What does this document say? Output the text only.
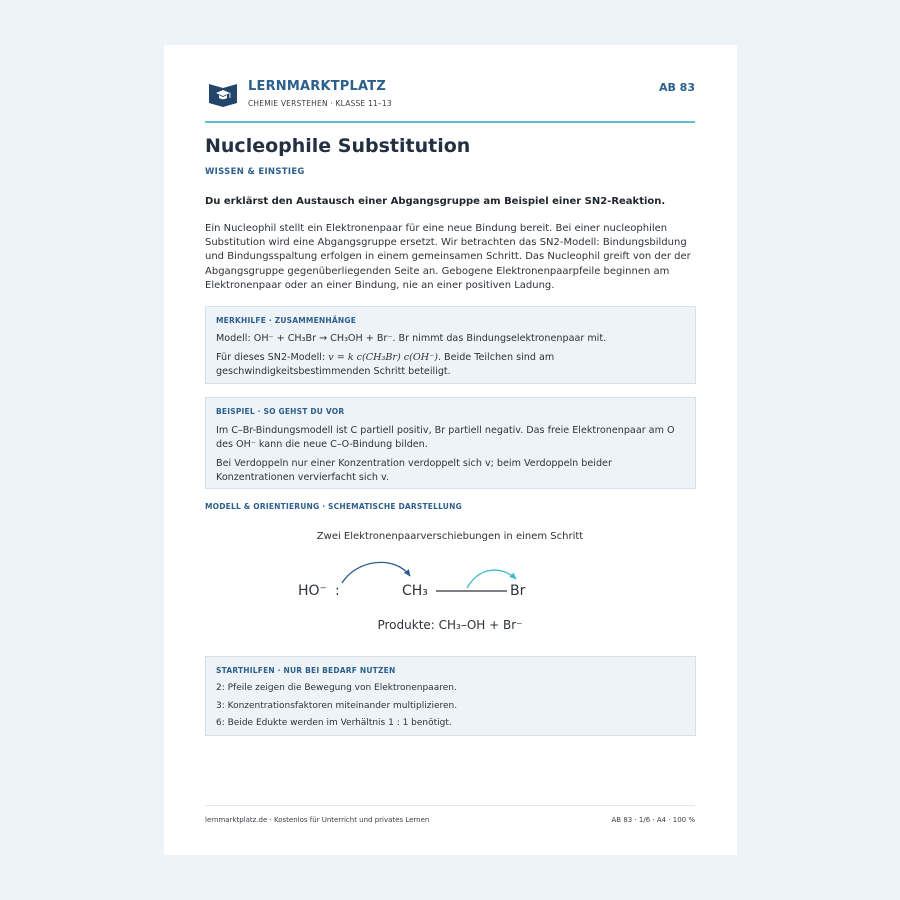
LERNMARKTPLATZ
CHEMIE VERSTEHEN · KLASSE 11–13
AB 83
Nucleophile Substitution
WISSEN & EINSTIEG
Du erklärst den Austausch einer Abgangsgruppe am Beispiel einer SN2-Reaktion.
Ein Nucleophil stellt ein Elektronenpaar für eine neue Bindung bereit. Bei einer nucleophilen
Substitution wird eine Abgangsgruppe ersetzt. Wir betrachten das SN2-Modell: Bindungsbildung
und Bindungsspaltung erfolgen in einem gemeinsamen Schritt. Das Nucleophil greift von der der
Abgangsgruppe gegenüberliegenden Seite an. Gebogene Elektronenpaarpfeile beginnen am
Elektronenpaar oder an einer Bindung, nie an einer positiven Ladung.
MERKHILFE · ZUSAMMENHÄNGE
Modell: OH⁻ + CH₃Br → CH₃OH + Br⁻. Br nimmt das Bindungselektronenpaar mit.
Für dieses SN2-Modell: v = k c(CH₃Br) c(OH⁻). Beide Teilchen sind am
geschwindigkeitsbestimmenden Schritt beteiligt.
BEISPIEL · SO GEHST DU VOR
Im C–Br-Bindungsmodell ist C partiell positiv, Br partiell negativ. Das freie Elektronenpaar am O
des OH⁻ kann die neue C–O-Bindung bilden.
Bei Verdoppeln nur einer Konzentration verdoppelt sich v; beim Verdoppeln beider
Konzentrationen vervierfacht sich v.
MODELL & ORIENTIERUNG · SCHEMATISCHE DARSTELLUNG
Zwei Elektronenpaarverschiebungen in einem Schritt
HO⁻ :	CH₃	Br
Produkte: CH₃–OH + Br⁻
STARTHILFEN · NUR BEI BEDARF NUTZEN
2: Pfeile zeigen die Bewegung von Elektronenpaaren.
3: Konzentrationsfaktoren miteinander multiplizieren.
6: Beide Edukte werden im Verhältnis 1 : 1 benötigt.
lernmarktplatz.de · Kostenlos für Unterricht und privates Lernen	AB 83 · 1/6 · A4 · 100 %
